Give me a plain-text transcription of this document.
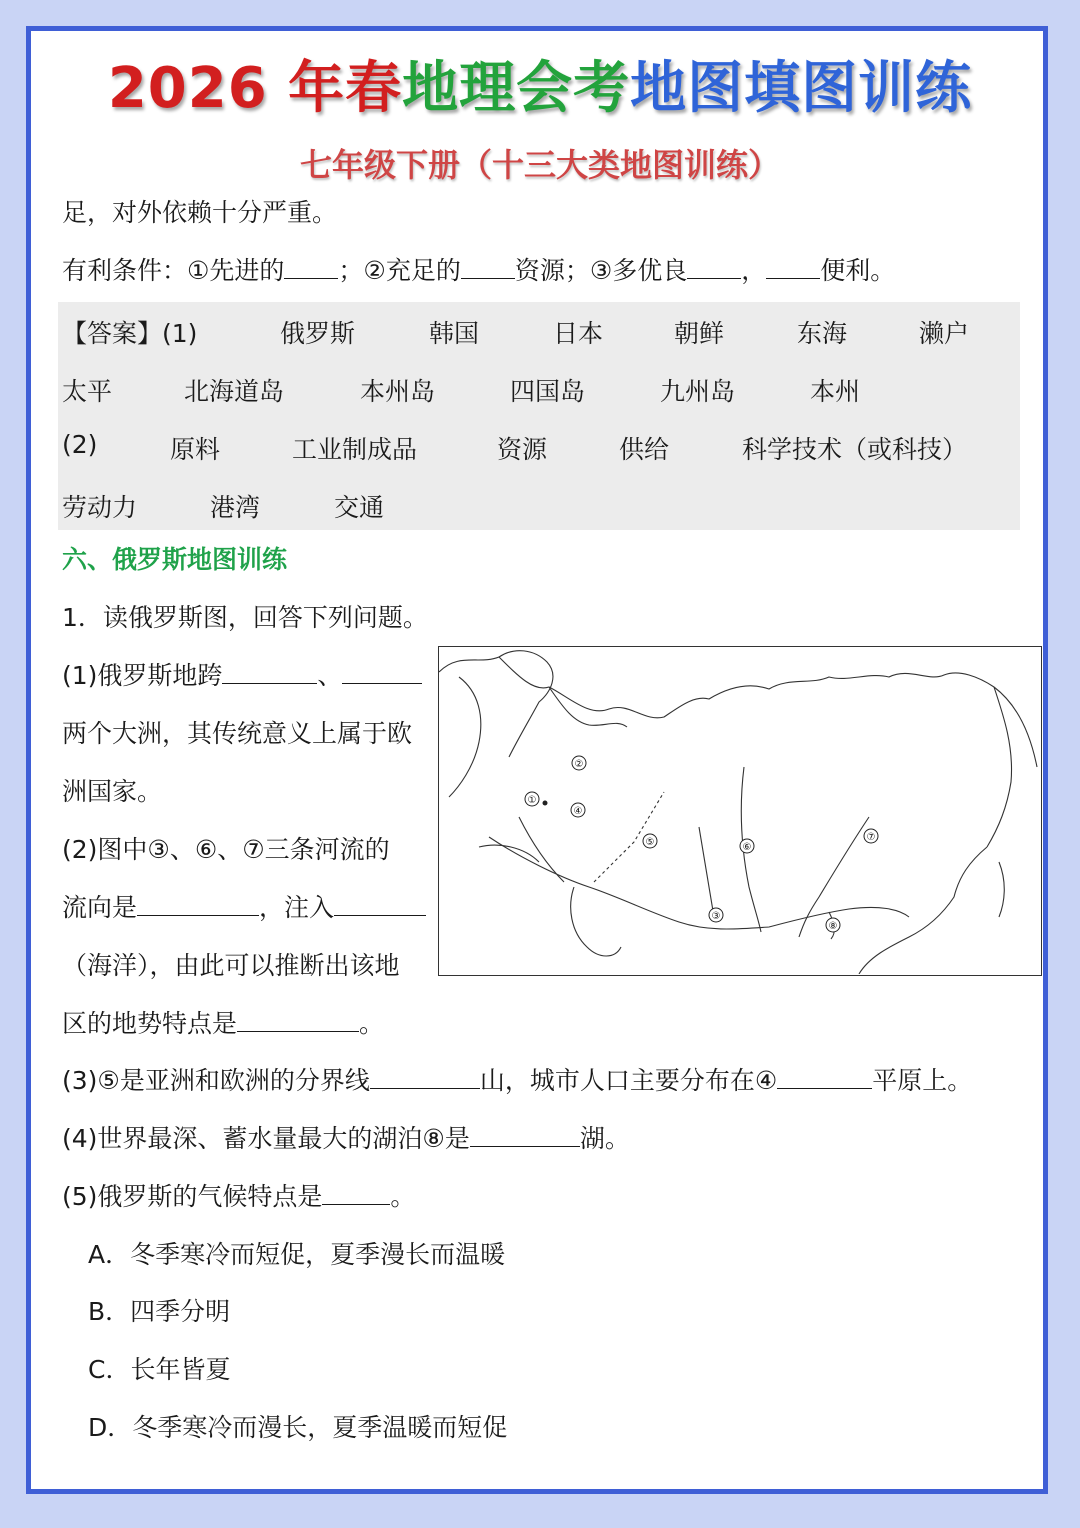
2026 年春地理会考地图填图训练
七年级下册（十三大类地图训练）
足，对外依赖十分严重。
有利条件：①先进的 ；②充足的 资源；③多优良 ， 便利。
【答案】(1)	俄罗斯	韩国	日本	朝鲜	东海	濑户
太平	北海道岛	本州岛	四国岛	九州岛	本州
(2)	原料	工业制成品	资源	供给	科学技术（或科技）
劳动力	港湾	交通
六、俄罗斯地图训练
1．读俄罗斯图，回答下列问题。
(1)俄罗斯地跨	、
两个大洲，其传统意义上属于欧
洲国家。
(2)图中③、⑥、⑦三条河流的
流向是	，注入
（海洋），由此可以推断出该地
区的地势特点是	。
(3)⑤是亚洲和欧洲的分界线	山，城市人口主要分布在④	平原上。
(4)世界最深、蓄水量最大的湖泊⑧是	湖。
(5)俄罗斯的气候特点是	。
A．冬季寒冷而短促，夏季漫长而温暖
B．四季分明
C．长年皆夏
D．冬季寒冷而漫长，夏季温暖而短促
①
②
③
④
⑤	⑥
⑦
⑧
